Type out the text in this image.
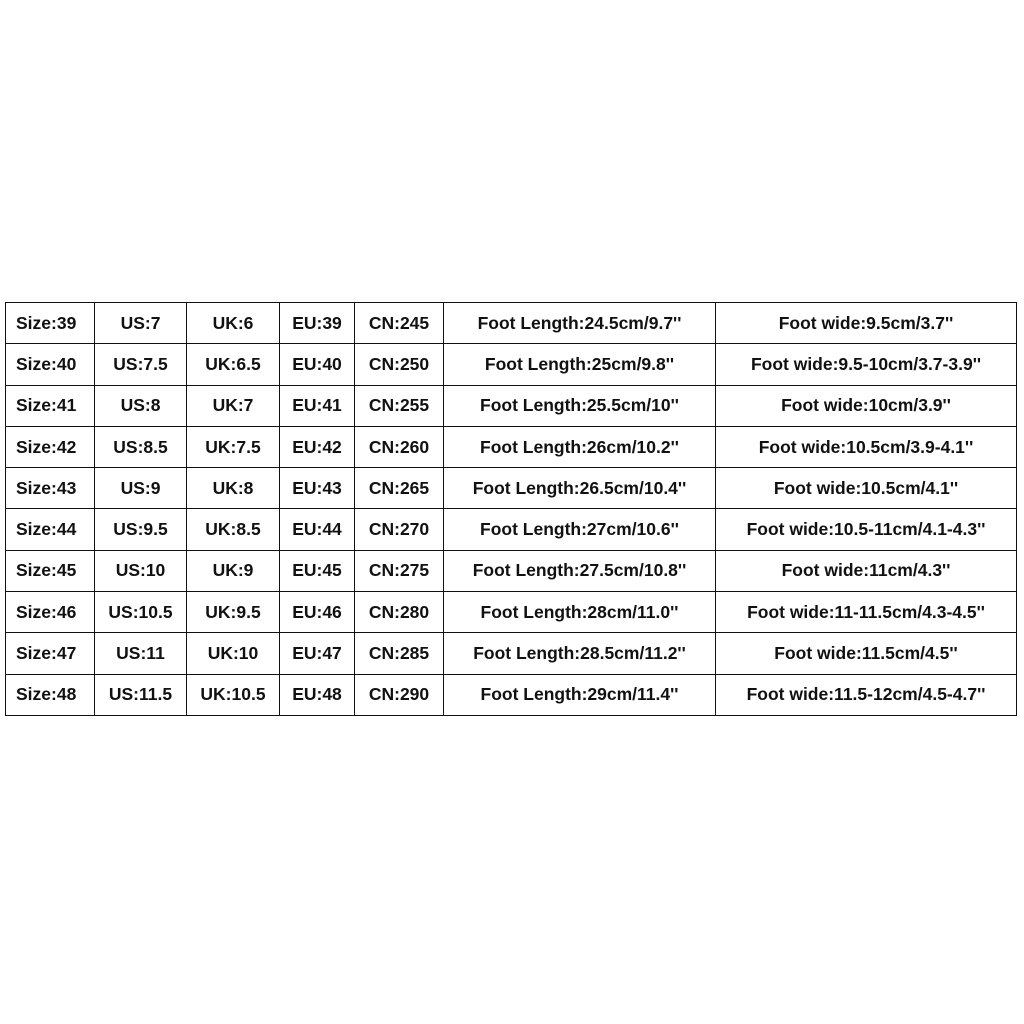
Size:39	US:7	UK:6	EU:39	CN:245	Foot Length:24.5cm/9.7''	Foot wide:9.5cm/3.7''
Size:40	US:7.5	UK:6.5	EU:40	CN:250	Foot Length:25cm/9.8''	Foot wide:9.5-10cm/3.7-3.9''
Size:41	US:8	UK:7	EU:41	CN:255	Foot Length:25.5cm/10''	Foot wide:10cm/3.9''
Size:42	US:8.5	UK:7.5	EU:42	CN:260	Foot Length:26cm/10.2''	Foot wide:10.5cm/3.9-4.1''
Size:43	US:9	UK:8	EU:43	CN:265	Foot Length:26.5cm/10.4''	Foot wide:10.5cm/4.1''
Size:44	US:9.5	UK:8.5	EU:44	CN:270	Foot Length:27cm/10.6''	Foot wide:10.5-11cm/4.1-4.3''
Size:45	US:10	UK:9	EU:45	CN:275	Foot Length:27.5cm/10.8''	Foot wide:11cm/4.3''
Size:46	US:10.5	UK:9.5	EU:46	CN:280	Foot Length:28cm/11.0''	Foot wide:11-11.5cm/4.3-4.5''
Size:47	US:11	UK:10	EU:47	CN:285	Foot Length:28.5cm/11.2''	Foot wide:11.5cm/4.5''
Size:48	US:11.5	UK:10.5	EU:48	CN:290	Foot Length:29cm/11.4''	Foot wide:11.5-12cm/4.5-4.7''
